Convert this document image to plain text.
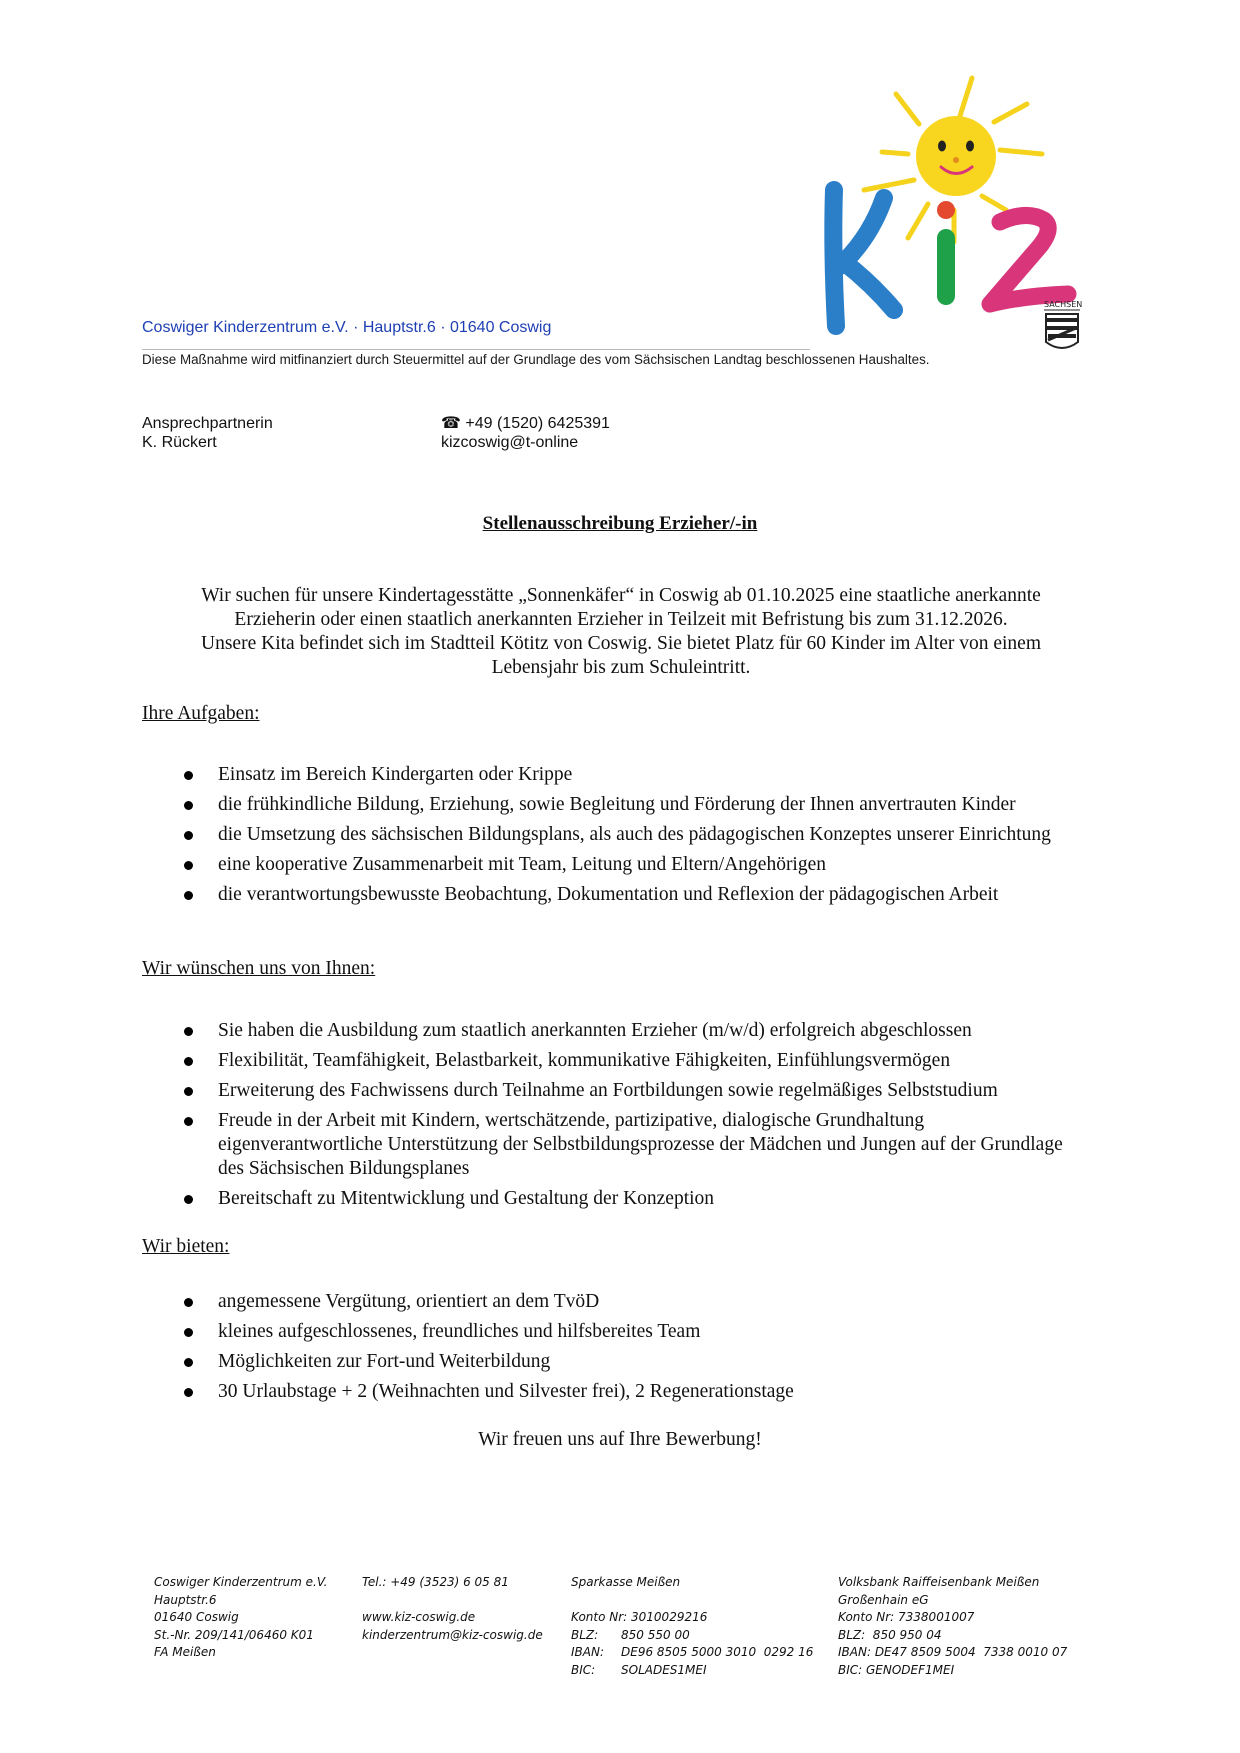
SACHSEN
Coswiger Kinderzentrum e.V. · Hauptstr.6 · 01640 Coswig
Diese Maßnahme wird mitfinanziert durch Steuermittel auf der Grundlage des vom Sächsischen Landtag beschlossenen Haushaltes.
Ansprechpartnerin
K. Rückert
☎ +49 (1520) 6425391
kizcoswig@t-online
Stellenausschreibung Erzieher/-in
Wir suchen für unsere Kindertagesstätte „Sonnenkäfer“ in Coswig ab 01.10.2025 eine staatliche anerkannte
Erzieherin oder einen staatlich anerkannten Erzieher in Teilzeit mit Befristung bis zum 31.12.2026.
Unsere Kita befindet sich im Stadtteil Kötitz von Coswig. Sie bietet Platz für 60 Kinder im Alter von einem
Lebensjahr bis zum Schuleintritt.
Ihre Aufgaben:
Einsatz im Bereich Kindergarten oder Krippe
die frühkindliche Bildung, Erziehung, sowie Begleitung und Förderung der Ihnen anvertrauten Kinder
die Umsetzung des sächsischen Bildungsplans, als auch des pädagogischen Konzeptes unserer Einrichtung
eine kooperative Zusammenarbeit mit Team, Leitung und Eltern/Angehörigen
die verantwortungsbewusste Beobachtung, Dokumentation und Reflexion der pädagogischen Arbeit
Wir wünschen uns von Ihnen:
Sie haben die Ausbildung zum staatlich anerkannten Erzieher (m/w/d) erfolgreich abgeschlossen
Flexibilität, Teamfähigkeit, Belastbarkeit, kommunikative Fähigkeiten, Einfühlungsvermögen
Erweiterung des Fachwissens durch Teilnahme an Fortbildungen sowie regelmäßiges Selbststudium
Freude in der Arbeit mit Kindern, wertschätzende, partizipative, dialogische Grundhaltung eigenverantwortliche Unterstützung der Selbstbildungsprozesse der Mädchen und Jungen auf der Grundlage des Sächsischen Bildungsplanes
Bereitschaft zu Mitentwicklung und Gestaltung der Konzeption
Wir bieten:
angemessene Vergütung, orientiert an dem TvöD
kleines aufgeschlossenes, freundliches und hilfsbereites Team
Möglichkeiten zur Fort-und Weiterbildung
30 Urlaubstage + 2 (Weihnachten und Silvester frei), 2 Regenerationstage
Wir freuen uns auf Ihre Bewerbung!
Coswiger Kinderzentrum e.V.
Hauptstr.6
01640 Coswig
St.-Nr. 209/141/06460 K01
FA Meißen
Tel.: +49 (3523) 6 05 81
www.kiz-coswig.de
kinderzentrum@kiz-coswig.de
Sparkasse Meißen
Konto Nr: 3010029216
BLZ: 850 550 00
IBAN: DE96 8505 5000 3010  0292 16
BIC: SOLADES1MEI
Volksbank Raiffeisenbank Meißen
Großenhain eG
Konto Nr: 7338001007
BLZ:  850 950 04
IBAN: DE47 8509 5004  7338 0010 07
BIC: GENODEF1MEI
